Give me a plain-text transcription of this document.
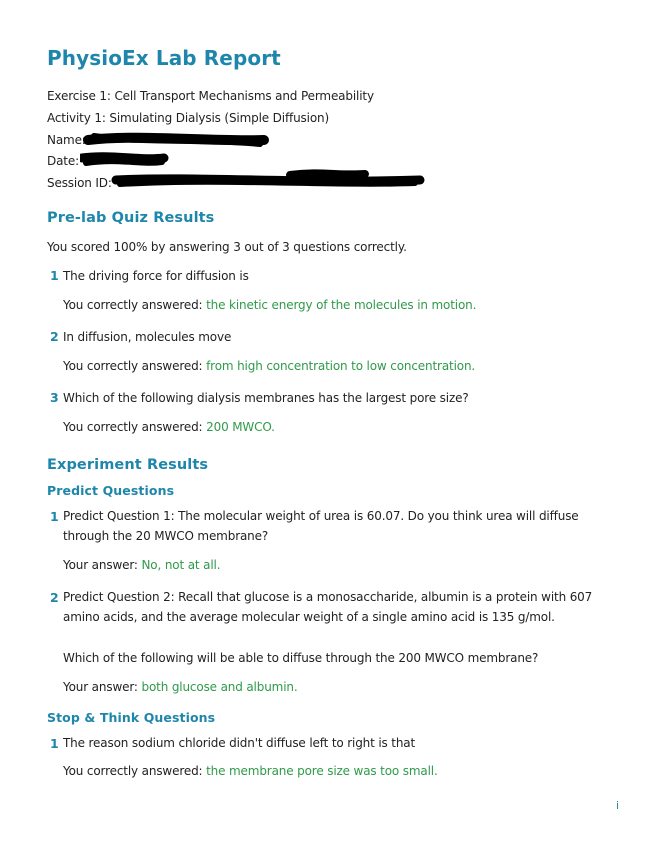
PhysioEx Lab Report
Exercise 1: Cell Transport Mechanisms and Permeability
Activity 1: Simulating Dialysis (Simple Diffusion)
Name:
Date:
Session ID:
Pre-lab Quiz Results
You scored 100% by answering 3 out of 3 questions correctly.
1 The driving force for diffusion is
You correctly answered: the kinetic energy of the molecules in motion.
2 In diffusion, molecules move
You correctly answered: from high concentration to low concentration.
3 Which of the following dialysis membranes has the largest pore size?
You correctly answered: 200 MWCO.
Experiment Results
Predict Questions
1 Predict Question 1: The molecular weight of urea is 60.07. Do you think urea will diffuse
through the 20 MWCO membrane?
Your answer: No, not at all.
2 Predict Question 2: Recall that glucose is a monosaccharide, albumin is a protein with 607
amino acids, and the average molecular weight of a single amino acid is 135 g/mol.
Which of the following will be able to diffuse through the 200 MWCO membrane?
Your answer: both glucose and albumin.
Stop & Think Questions
1 The reason sodium chloride didn't diffuse left to right is that
You correctly answered: the membrane pore size was too small.
i
